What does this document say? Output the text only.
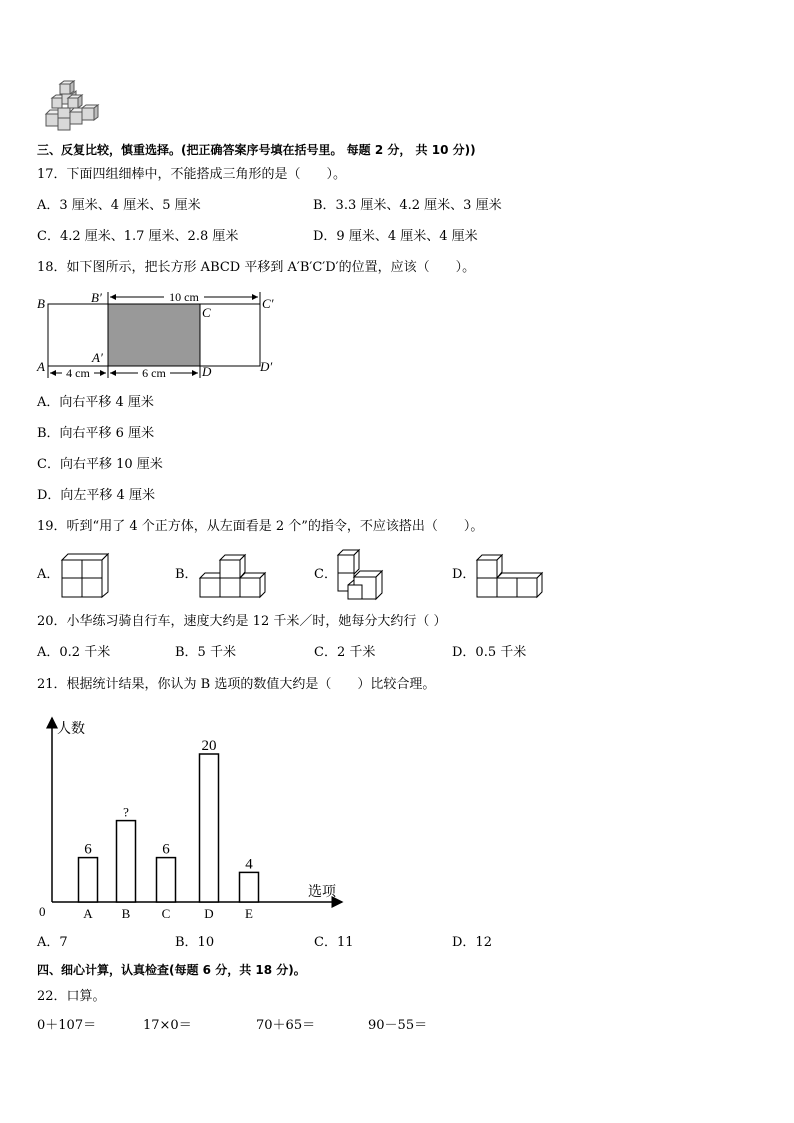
三、反复比较，慎重选择。(把正确答案序号填在括号里。 每题 2 分， 共 10 分))
17．下面四组细棒中，不能搭成三角形的是（　　）。
A．3 厘米、4 厘米、5 厘米	B．3.3 厘米、4.2 厘米、3 厘米
C．4.2 厘米、1.7 厘米、2.8 厘米	D．9 厘米、4 厘米、4 厘米
18．如下图所示，把长方形 ABCD 平移到 A′B′C′D′的位置，应该（　　）。
10 cm
4 cm	6 cm
B	B′
C
C′
A
A′
D	D′
A．向右平移 4 厘米
B．向右平移 6 厘米
C．向右平移 10 厘米
D．向左平移 4 厘米
19．听到“用了 4 个正方体，从左面看是 2 个”的指令，不应该搭出（　　）。
A．	B．	C．	D．
20．小华练习骑自行车，速度大约是 12 千米／时，她每分大约行（ ）
A．0.2 千米	B．5 千米	C．2 千米	D．0.5 千米
21．根据统计结果，你认为 B 选项的数值大约是（　　）比较合理。
人数
选项
0
6
A
?
B
6
C
20
D
4
E
A．7	B．10	C．11	D．12
四、细心计算，认真检查(每题 6 分，共 18 分)。
22．口算。
0＋107＝	17×0＝	70＋65＝	90－55＝
